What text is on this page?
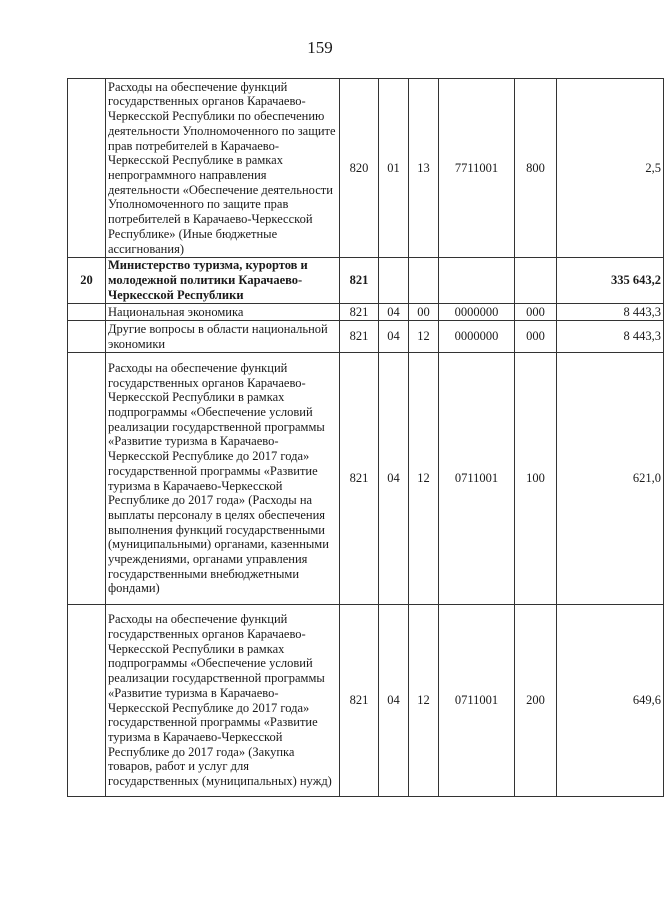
159
	Расходы на обеспечение функций государственных органов Карачаево-Черкесской Республики по обеспечению деятельности Уполномоченного по защите прав потребителей в Карачаево-Черкесской Республике в рамках непрограммного направления деятельности «Обеспечение деятельности Уполномоченного по защите прав потребителей в Карачаево-Черкесской Республике» (Иные бюджетные ассигнования)	820	01	13	7711001	800	2,5
20	Министерство туризма, курортов и молодежной политики Карачаево-Черкесской Республики	821					335 643,2
	Национальная экономика	821	04	00	0000000	000	8 443,3
	Другие вопросы в области национальной экономики	821	04	12	0000000	000	8 443,3
	Расходы на обеспечение функций государственных органов Карачаево-Черкесской Республики в рамках подпрограммы «Обеспечение условий реализации государственной программы «Развитие туризма в Карачаево-Черкесской Республике до 2017 года» государственной программы «Развитие туризма в Карачаево-Черкесской Республике до 2017 года» (Расходы на выплаты персоналу в целях обеспечения выполнения функций государственными (муниципальными) органами, казенными учреждениями, органами управления государственными внебюджетными фондами)	821	04	12	0711001	100	621,0
	Расходы на обеспечение функций государственных органов Карачаево-Черкесской Республики в рамках подпрограммы «Обеспечение условий реализации государственной программы «Развитие туризма в Карачаево-Черкесской Республике до 2017 года» государственной программы «Развитие туризма в Карачаево-Черкесской Республике до 2017 года» (Закупка товаров, работ и услуг для государственных (муниципальных) нужд)	821	04	12	0711001	200	649,6
